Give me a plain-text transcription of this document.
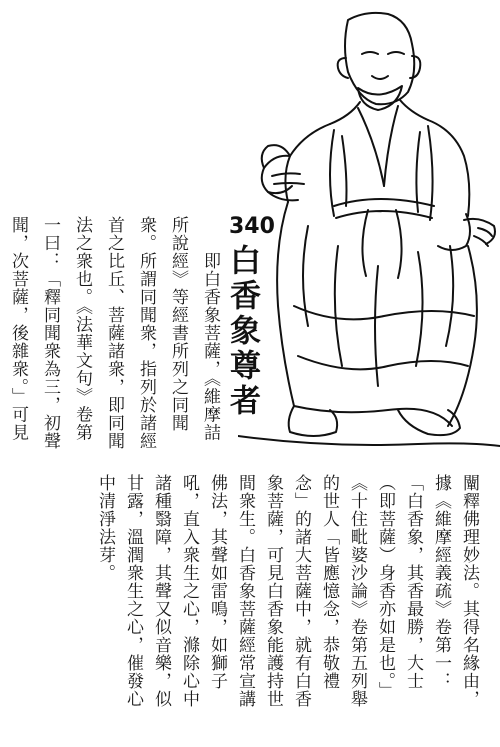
340
白香象尊者
即白香象菩薩，《維摩詰
所說經》等經書所列之同聞
衆。所謂同聞衆，指列於諸經
首之比丘、菩薩諸衆，即同聞
法之衆也。《法華文句》卷第
一曰：「釋同聞衆為三，初聲
聞，次菩薩，後雜衆。」可見
闡釋佛理妙法。其得名緣由，
據《維摩經義疏》卷第一：
「白香象，其香最勝，大士
（即菩薩）身香亦如是也。」
《十住毗婆沙論》卷第五列舉
的世人「皆應憶念，恭敬禮
念」的諸大菩薩中，就有白香
象菩薩，可見白香象能護持世
間衆生。白香象菩薩經常宣講
佛法，其聲如雷鳴，如獅子
吼，直入衆生之心，滌除心中
諸種翳障，其聲又似音樂，似
甘露，溫潤衆生之心，催發心
中清淨法芽。
